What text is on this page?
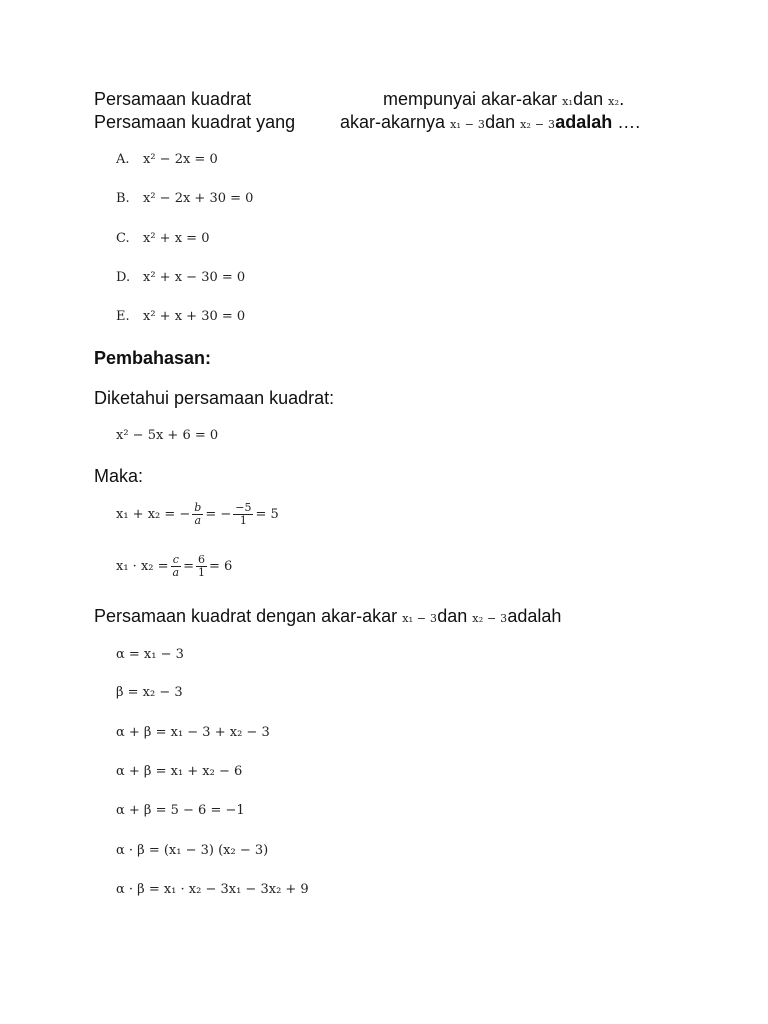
Persamaan kuadrat	mempunyai akar-akar x₁dan x₂.
Persamaan kuadrat yang akar-akarnya x₁ − 3dan x₂ − 3adalah ….
A. x² − 2x = 0
B. x² − 2x + 30 = 0
C. x² + x = 0
D. x² + x − 30 = 0
E. x² + x + 30 = 0
Pembahasan:
Diketahui persamaan kuadrat:
x² − 5x + 6 = 0
Maka:
x₁ + x₂ = − $\frac{b}{a}$ = − $\frac{-5}{1} = 5$
$x_1 \cdot x_2 = \frac{c}{a} = \frac{6}{1} = 6$
Persamaan kuadrat dengan akar-akar x₁ − 3dan x₂ − 3adalah
α = x₁ − 3
β = x₂ − 3
α + β = x₁ − 3 + x₂ − 3
α + β = x₁ + x₂ − 6
α + β = 5 − 6 = −1
α · β = (x₁ − 3) (x₂ − 3)
α · β = x₁ · x₂ − 3x₁ − 3x₂ + 9
